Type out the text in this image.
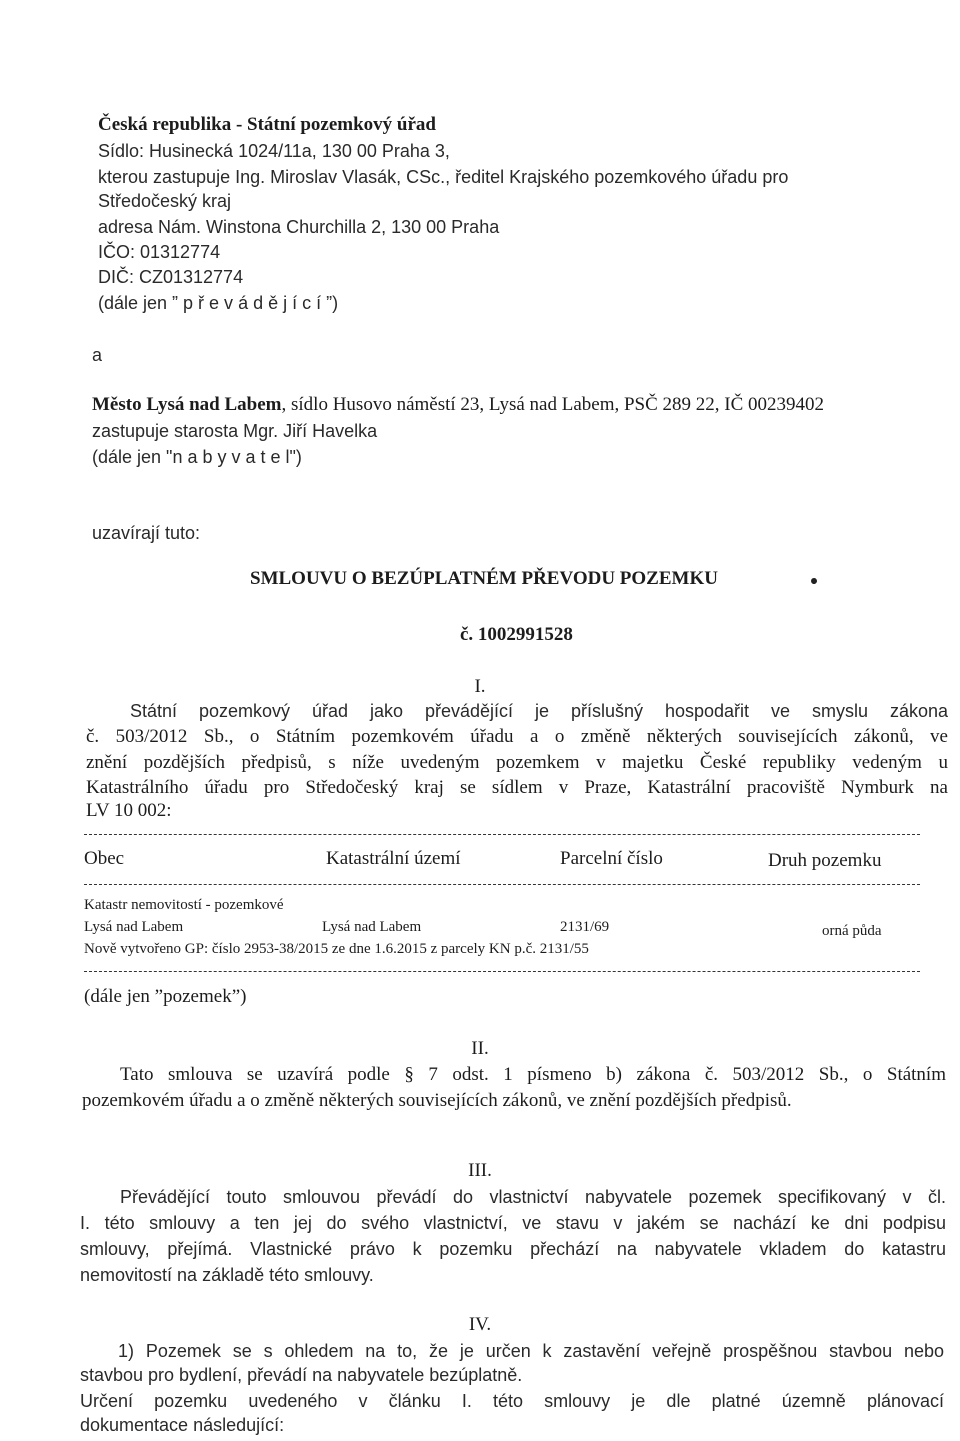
Česká republika - Státní pozemkový úřad
Sídlo: Husinecká 1024/11a, 130 00 Praha 3,
kterou zastupuje Ing. Miroslav Vlasák, CSc., ředitel Krajského pozemkového úřadu pro
Středočeský kraj
adresa Nám. Winstona Churchilla 2, 130 00 Praha
IČO: 01312774
DIČ: CZ01312774
(dále jen ” p ř e v á d ě j í c í ”)
a
Město Lysá nad Labem, sídlo Husovo náměstí 23, Lysá nad Labem, PSČ 289 22, IČ 00239402
zastupuje starosta Mgr. Jiří Havelka
(dále jen "n a b y v a t e l")
uzavírají tuto:
SMLOUVU O BEZÚPLATNÉM PŘEVODU POZEMKU
č. 1002991528
I.
Státní pozemkový úřad jako převádějící je příslušný hospodařit ve smyslu zákona
č. 503/2012 Sb., o Státním pozemkovém úřadu a o změně některých souvisejících zákonů, ve
znění pozdějších předpisů, s níže uvedeným pozemkem v majetku České republiky vedeným u
Katastrálního úřadu pro Středočeský kraj se sídlem v Praze, Katastrální pracoviště Nymburk na
LV 10 002:
Obec	Katastrální území	Parcelní číslo	Druh pozemku
Katastr nemovitostí - pozemkové
Lysá nad Labem	Lysá nad Labem	2131/69	orná půda
Nově vytvořeno GP: číslo 2953-38/2015 ze dne 1.6.2015 z parcely KN p.č. 2131/55
(dále jen ”pozemek”)
II.
Tato smlouva se uzavírá podle § 7 odst. 1 písmeno b) zákona č. 503/2012 Sb., o Státním
pozemkovém úřadu a o změně některých souvisejících zákonů, ve znění pozdějších předpisů.
III.
Převádějící touto smlouvou převádí do vlastnictví nabyvatele pozemek specifikovaný v čl.
I. této smlouvy a ten jej do svého vlastnictví, ve stavu v jakém se nachází ke dni podpisu
smlouvy, přejímá. Vlastnické právo k pozemku přechází na nabyvatele vkladem do katastru
nemovitostí na základě této smlouvy.
IV.
1) Pozemek se s ohledem na to, že je určen k zastavění veřejně prospěšnou stavbou nebo
stavbou pro bydlení, převádí na nabyvatele bezúplatně.
Určení pozemku uvedeného v článku I. této smlouvy je dle platné územně plánovací
dokumentace následující:
